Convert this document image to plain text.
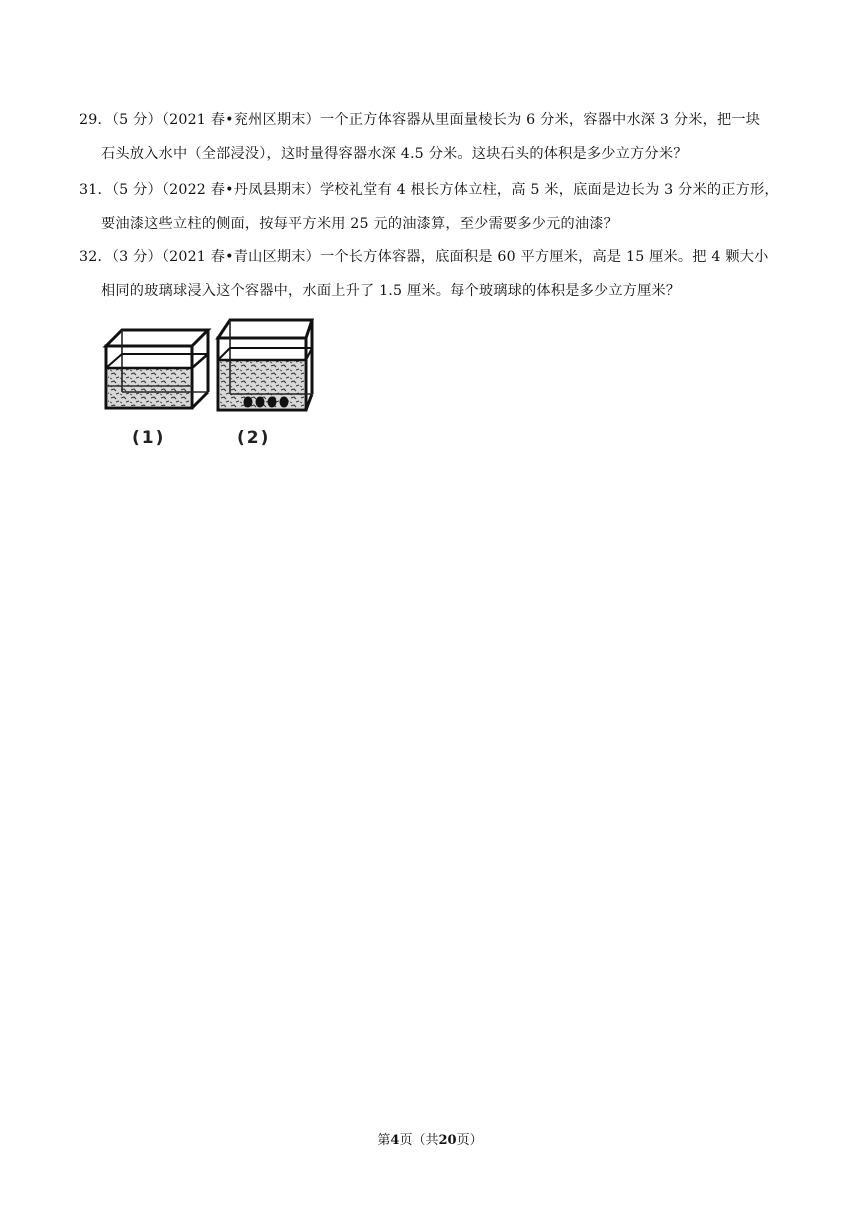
29．（5 分）（2021 春•兖州区期末）一个正方体容器从里面量棱长为 6 分米，容器中水深 3 分米，把一块
石头放入水中（全部浸没），这时量得容器水深 4.5 分米。这块石头的体积是多少立方分米？
31．（5 分）（2022 春•丹凤县期末）学校礼堂有 4 根长方体立柱，高 5 米，底面是边长为 3 分米的正方形，
要油漆这些立柱的侧面，按每平方米用 25 元的油漆算，至少需要多少元的油漆？
32．（3 分）（2021 春•青山区期末）一个长方体容器，底面积是 60 平方厘米，高是 15 厘米。把 4 颗大小
相同的玻璃球浸入这个容器中，水面上升了 1.5 厘米。每个玻璃球的体积是多少立方厘米？
(1)	(2)
第4页（共20页）
